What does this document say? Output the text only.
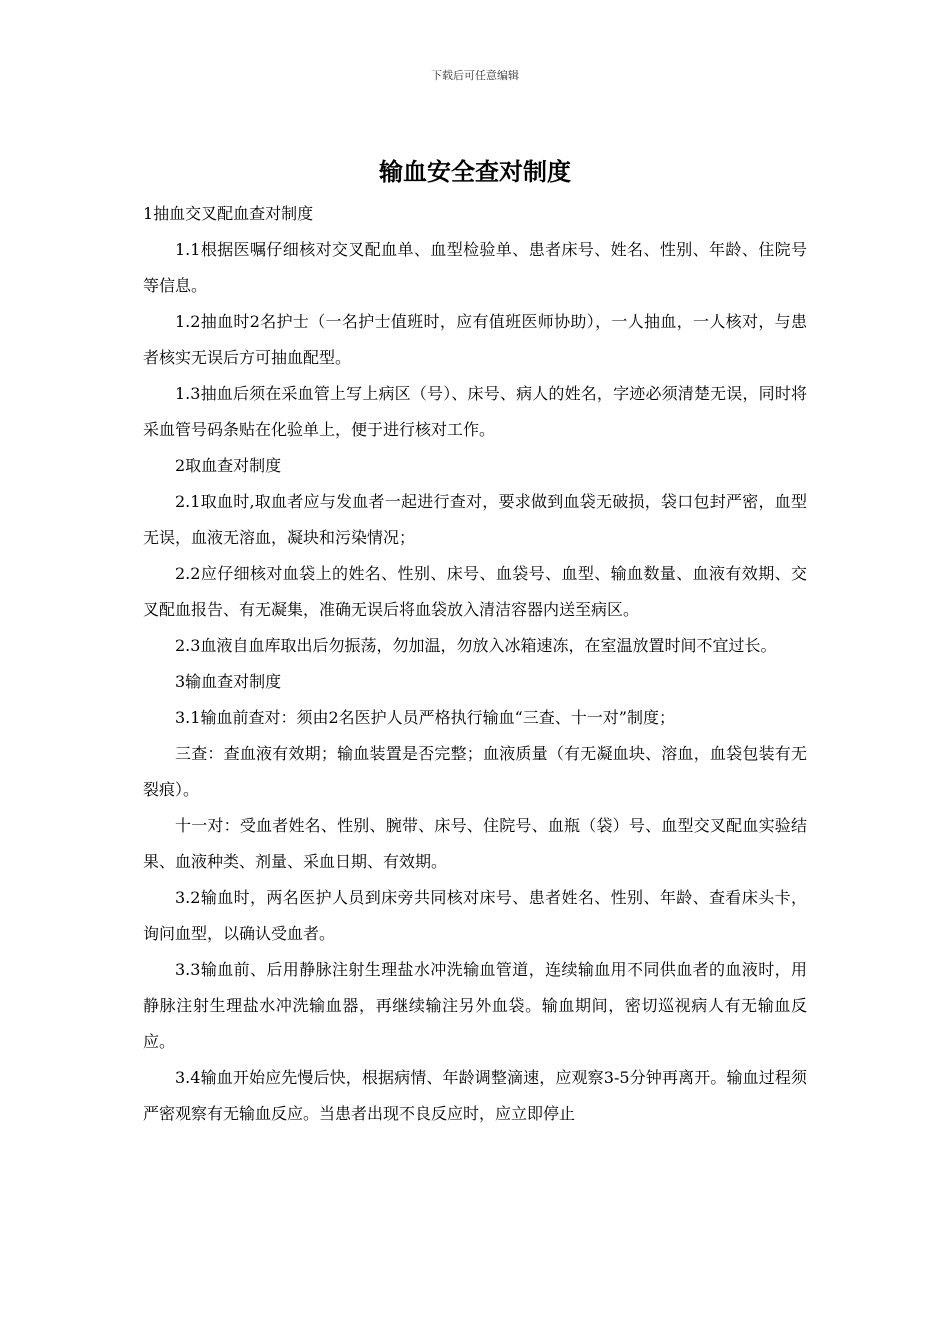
下载后可任意编辑
输血安全查对制度

1抽血交叉配血查对制度

1.1根据医嘱仔细核对交叉配血单、血型检验单、患者床号、姓名、性别、年龄、住院号等信息。

1.2抽血时2名护士（一名护士值班时，应有值班医师协助），一人抽血，一人核对，与患者核实无误后方可抽血配型。

1.3抽血后须在采血管上写上病区（号）、床号、病人的姓名，字迹必须清楚无误，同时将采血管号码条贴在化验单上，便于进行核对工作。

2取血查对制度

2.1取血时,取血者应与发血者一起进行查对，要求做到血袋无破损，袋口包封严密，血型无误，血液无溶血，凝块和污染情况；

2.2应仔细核对血袋上的姓名、性别、床号、血袋号、血型、输血数量、血液有效期、交叉配血报告、有无凝集，准确无误后将血袋放入清洁容器内送至病区。

2.3血液自血库取出后勿振荡，勿加温，勿放入冰箱速冻，在室温放置时间不宜过长。

3输血查对制度

3.1输血前查对：须由2名医护人员严格执行输血“三查、十一对”制度；

三查：查血液有效期；输血装置是否完整；血液质量（有无凝血块、溶血，血袋包装有无裂痕）。

十一对：受血者姓名、性别、腕带、床号、住院号、血瓶（袋）号、血型交叉配血实验结果、血液种类、剂量、采血日期、有效期。

3.2输血时，两名医护人员到床旁共同核对床号、患者姓名、性别、年龄、查看床头卡，询问血型，以确认受血者。

3.3输血前、后用静脉注射生理盐水冲洗输血管道，连续输血用不同供血者的血液时，用静脉注射生理盐水冲洗输血器，再继续输注另外血袋。输血期间，密切巡视病人有无输血反应。

3.4输血开始应先慢后快，根据病情、年龄调整滴速，应观察3-5分钟再离开。输血过程须严密观察有无输血反应。当患者出现不良反应时，应立即停止
